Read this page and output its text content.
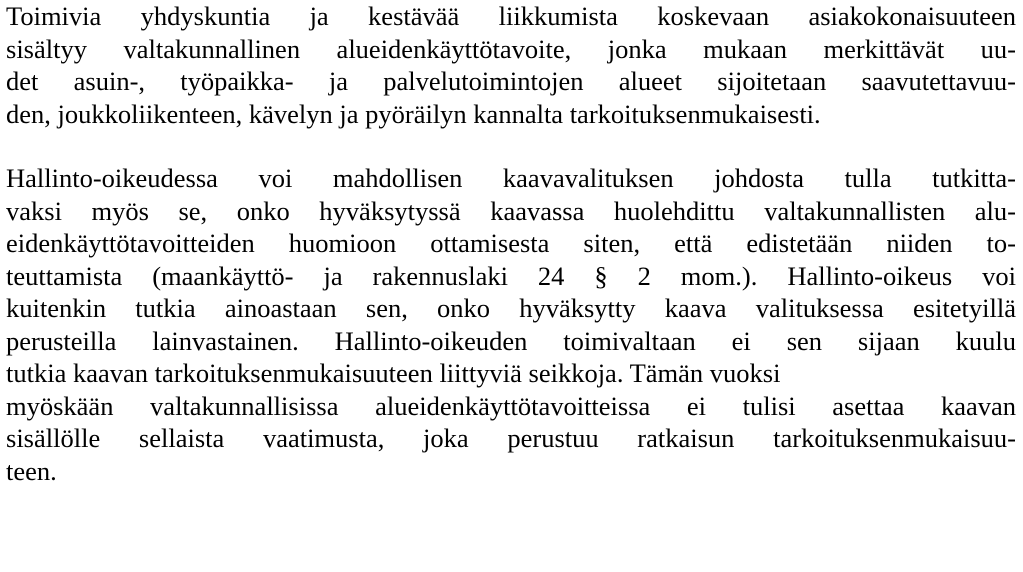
Toimivia yhdyskuntia ja kestävää liikkumista koskevaan asiakokonaisuuteen
sisältyy valtakunnallinen alueidenkäyttötavoite, jonka mukaan merkittävät uu-
det asuin-, työpaikka- ja palvelutoimintojen alueet sijoitetaan saavutettavuu-
den, joukkoliikenteen, kävelyn ja pyöräilyn kannalta tarkoituksenmukaisesti.
Hallinto-oikeudessa voi mahdollisen kaavavalituksen johdosta tulla tutkitta-
vaksi myös se, onko hyväksytyssä kaavassa huolehdittu valtakunnallisten alu-
eidenkäyttötavoitteiden huomioon ottamisesta siten, että edistetään niiden to-
teuttamista (maankäyttö- ja rakennuslaki 24 § 2 mom.). Hallinto-oikeus voi
kuitenkin tutkia ainoastaan sen, onko hyväksytty kaava valituksessa esitetyillä
perusteilla lainvastainen. Hallinto-oikeuden toimivaltaan ei sen sijaan kuulu
tutkia kaavan tarkoituksenmukaisuuteen liittyviä seikkoja. Tämän vuoksi
myöskään valtakunnallisissa alueidenkäyttötavoitteissa ei tulisi asettaa kaavan
sisällölle sellaista vaatimusta, joka perustuu ratkaisun tarkoituksenmukaisuu-
teen.
